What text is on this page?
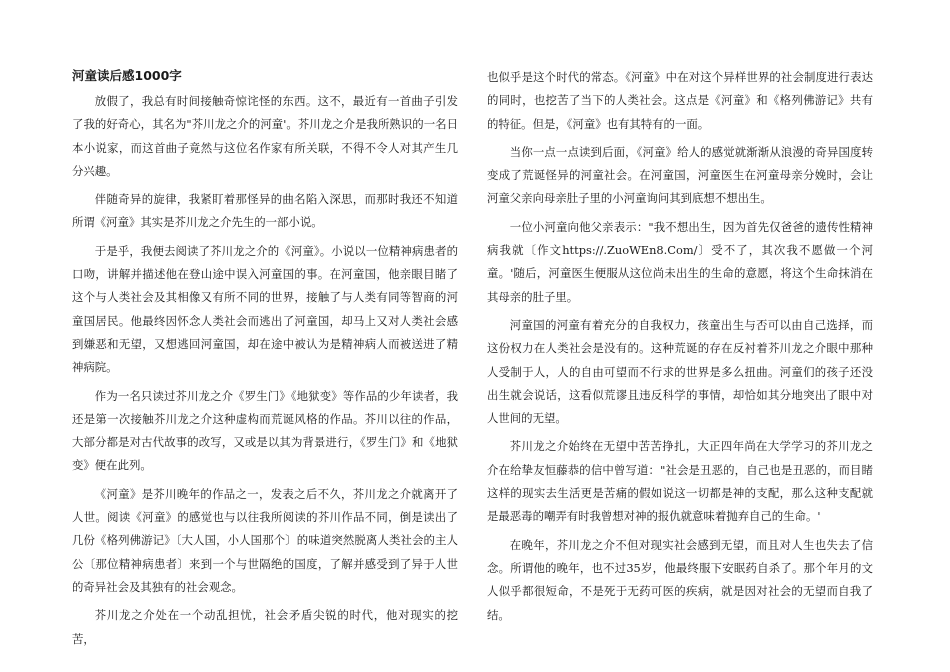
河童读后感1000字

放假了，我总有时间接触奇惊诧怪的东西。这不，最近有一首曲子引发了我的好奇心，其名为"芥川龙之介的河童'。芥川龙之介是我所熟识的一名日本小说家，而这首曲子竟然与这位名作家有所关联，不得不令人对其产生几分兴趣。

伴随奇异的旋律，我紧盯着那怪异的曲名陷入深思，而那时我还不知道所谓《河童》其实是芥川龙之介先生的一部小说。

于是乎，我便去阅读了芥川龙之介的《河童》。小说以一位精神病患者的口吻，讲解并描述他在登山途中误入河童国的事。在河童国，他亲眼目睹了这个与人类社会及其相像又有所不同的世界，接触了与人类有同等智商的河童国居民。他最终因怀念人类社会而逃出了河童国，却马上又对人类社会感到嫌恶和无望，又想逃回河童国，却在途中被认为是精神病人而被送进了精神病院。

作为一名只读过芥川龙之介《罗生门》《地狱变》等作品的少年读者，我还是第一次接触芥川龙之介这种虚构而荒诞风格的作品。芥川以往的作品，大部分都是对古代故事的改写，又或是以其为背景进行，《罗生门》和《地狱变》便在此列。

《河童》是芥川晚年的作品之一，发表之后不久，芥川龙之介就离开了人世。阅读《河童》的感觉也与以往我所阅读的芥川作品不同，倒是读出了几份《格列佛游记》〔大人国，小人国那个〕的味道突然脱离人类社会的主人公〔那位精神病患者〕来到一个与世隔绝的国度，了解并感受到了异于人世的奇异社会及其独有的社会观念。

芥川龙之介处在一个动乱担忧，社会矛盾尖锐的时代，他对现实的挖苦，

也似乎是这个时代的常态。《河童》中在对这个异样世界的社会制度进行表达的同时，也挖苦了当下的人类社会。这点是《河童》和《格列佛游记》共有的特征。但是，《河童》也有其特有的一面。

当你一点一点读到后面，《河童》给人的感觉就渐渐从浪漫的奇异国度转变成了荒诞怪异的河童社会。在河童国，河童医生在河童母亲分娩时，会让河童父亲向母亲肚子里的小河童询问其到底想不想出生。

一位小河童向他父亲表示："我不想出生，因为首先仅爸爸的遗传性精神病我就〔作文https://.ZuoWEn8.Com/〕受不了，其次我不愿做一个河童。'随后，河童医生便服从这位尚未出生的生命的意愿，将这个生命抹消在其母亲的肚子里。

河童国的河童有着充分的自我权力，孩童出生与否可以由自己选择，而这份权力在人类社会是没有的。这种荒诞的存在反衬着芥川龙之介眼中那种人受制于人，人的自由可望而不行求的世界是多么扭曲。河童们的孩子还没出生就会说话，这看似荒谬且违反科学的事情，却恰如其分地突出了眼中对人世间的无望。

芥川龙之介始终在无望中苦苦挣扎，大正四年尚在大学学习的芥川龙之介在给挚友恒藤恭的信中曾写道："社会是丑恶的，自己也是丑恶的，而目睹这样的现实去生活更是苦痛的假如说这一切都是神的支配，那么这种支配就是最恶毒的嘲弄有时我曾想对神的报仇就意味着抛弃自己的生命。'

在晚年，芥川龙之介不但对现实社会感到无望，而且对人生也失去了信念。所谓他的晚年，也不过35岁，他最终服下安眠药自杀了。那个年月的文人似乎都很短命，不是死于无药可医的疾病，就是因对社会的无望而自我了结。
